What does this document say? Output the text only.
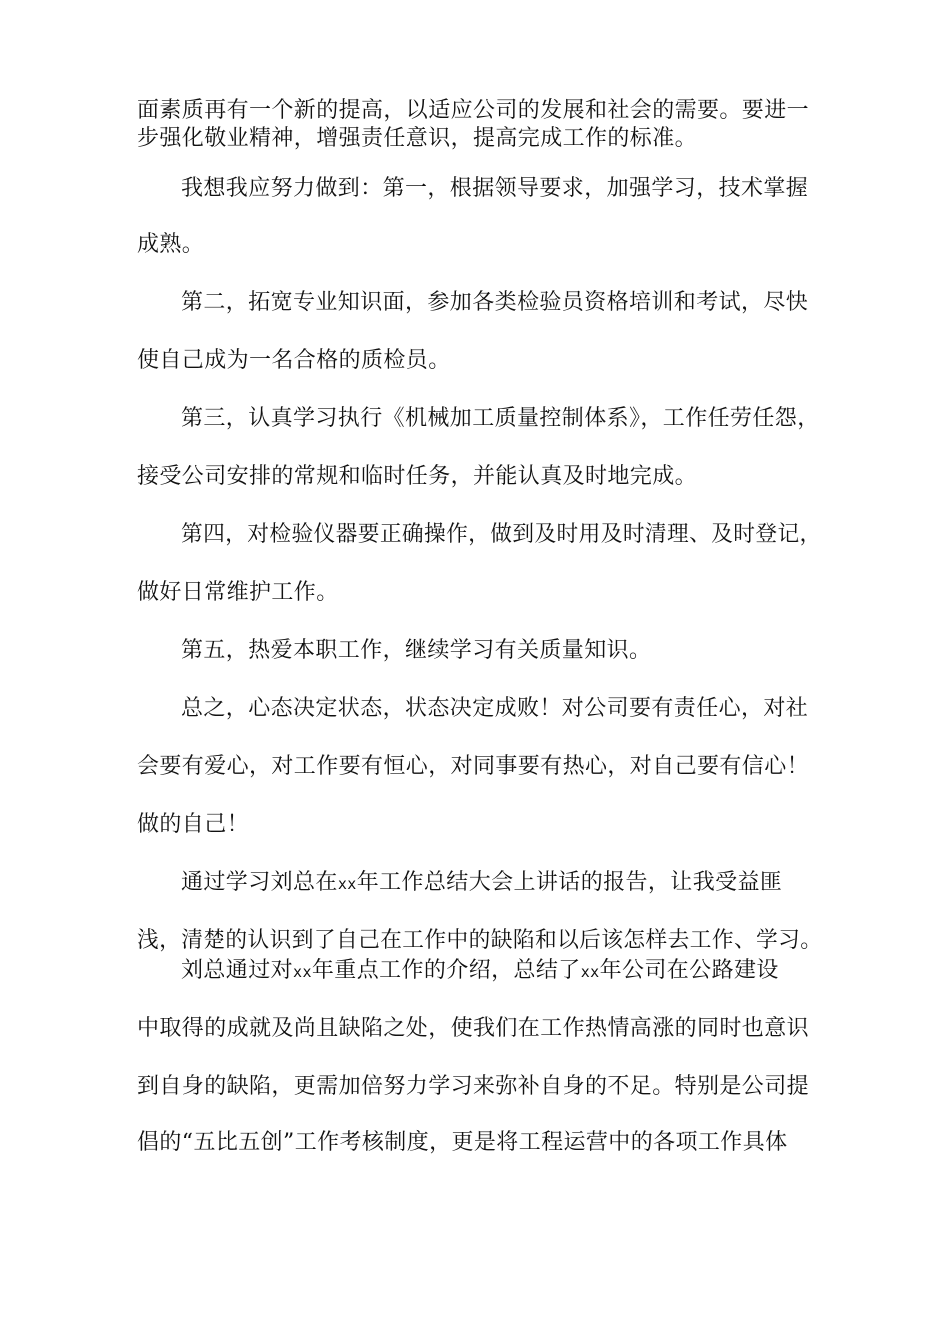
面素质再有一个新的提高，以适应公司的发展和社会的需要。要进一
步强化敬业精神，增强责任意识，提高完成工作的标准。
我想我应努力做到：第一，根据领导要求，加强学习，技术掌握
成熟。
第二，拓宽专业知识面，参加各类检验员资格培训和考试，尽快
使自己成为一名合格的质检员。
第三，认真学习执行《机械加工质量控制体系》，工作任劳任怨，
接受公司安排的常规和临时任务，并能认真及时地完成。
第四，对检验仪器要正确操作，做到及时用及时清理、及时登记，
做好日常维护工作。
第五，热爱本职工作，继续学习有关质量知识。
总之，心态决定状态，状态决定成败！对公司要有责任心，对社
会要有爱心，对工作要有恒心，对同事要有热心，对自己要有信心！
做的自己！
通过学习刘总在xx年工作总结大会上讲话的报告，让我受益匪
浅，清楚的认识到了自己在工作中的缺陷和以后该怎样去工作、学习。
刘总通过对xx年重点工作的介绍，总结了xx年公司在公路建设
中取得的成就及尚且缺陷之处，使我们在工作热情高涨的同时也意识
到自身的缺陷，更需加倍努力学习来弥补自身的不足。特别是公司提
倡的“五比五创”工作考核制度，更是将工程运营中的各项工作具体
